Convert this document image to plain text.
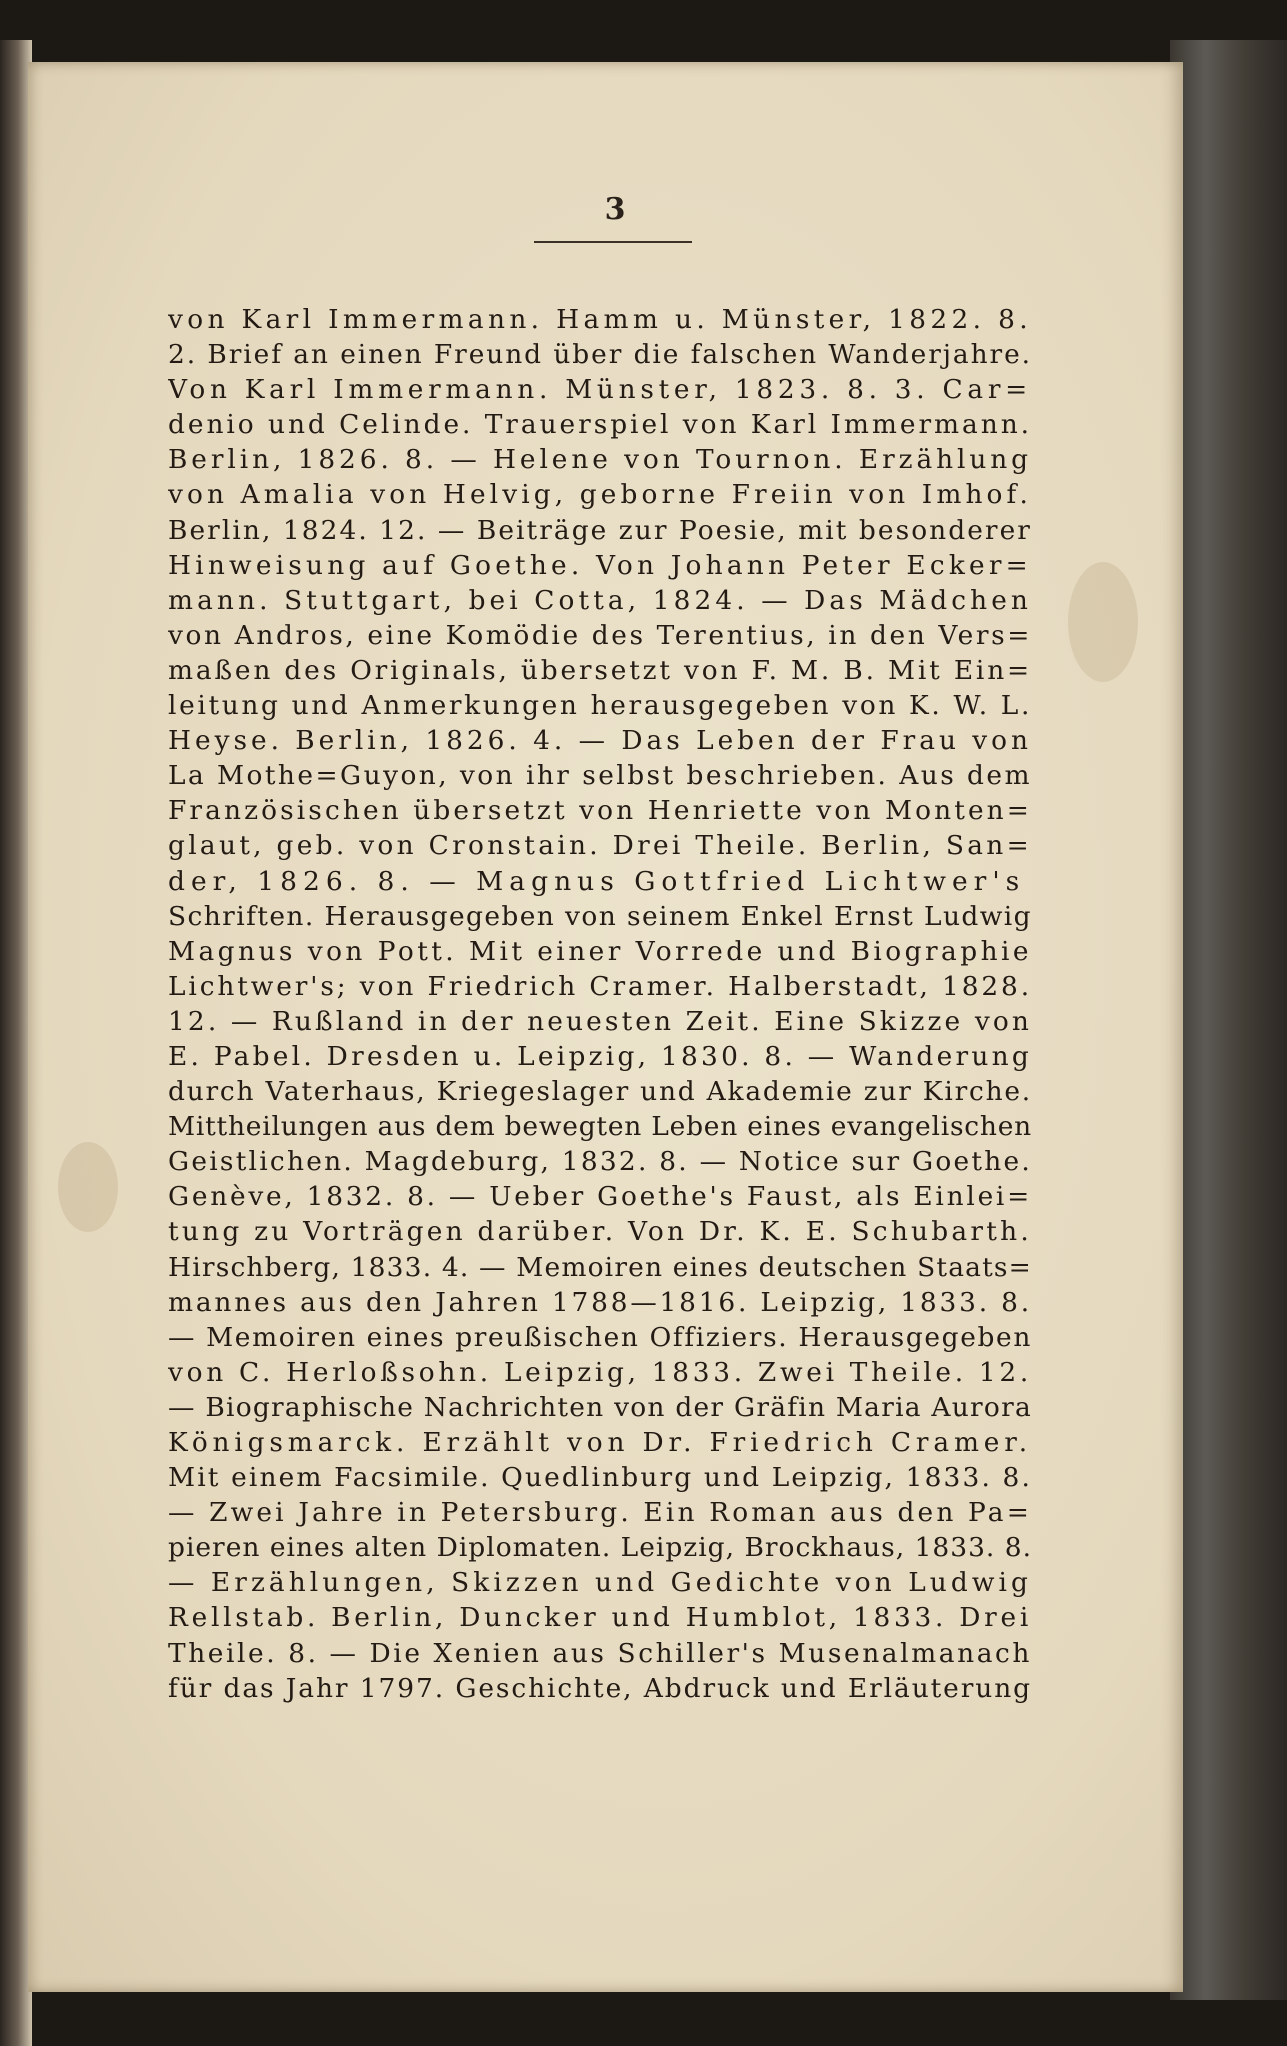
3
von Karl Immermann. Hamm u. Münster, 1822. 8.
2. Brief an einen Freund über die falschen Wanderjahre.
Von Karl Immermann. Münster, 1823. 8. 3. Car=
denio und Celinde. Trauerspiel von Karl Immermann.
Berlin, 1826. 8. — Helene von Tournon. Erzählung
von Amalia von Helvig, geborne Freiin von Imhof.
Berlin, 1824. 12. — Beiträge zur Poesie, mit besonderer
Hinweisung auf Goethe. Von Johann Peter Ecker=
mann. Stuttgart, bei Cotta, 1824. — Das Mädchen
von Andros, eine Komödie des Terentius, in den Vers=
maßen des Originals, übersetzt von F. M. B. Mit Ein=
leitung und Anmerkungen herausgegeben von K. W. L.
Heyse. Berlin, 1826. 4. — Das Leben der Frau von
La Mothe=Guyon, von ihr selbst beschrieben. Aus dem
Französischen übersetzt von Henriette von Monten=
glaut, geb. von Cronstain. Drei Theile. Berlin, San=
der, 1826. 8. — Magnus Gottfried Lichtwer's
Schriften. Herausgegeben von seinem Enkel Ernst Ludwig
Magnus von Pott. Mit einer Vorrede und Biographie
Lichtwer's; von Friedrich Cramer. Halberstadt, 1828.
12. — Rußland in der neuesten Zeit. Eine Skizze von
E. Pabel. Dresden u. Leipzig, 1830. 8. — Wanderung
durch Vaterhaus, Kriegeslager und Akademie zur Kirche.
Mittheilungen aus dem bewegten Leben eines evangelischen
Geistlichen. Magdeburg, 1832. 8. — Notice sur Goethe.
Genève, 1832. 8. — Ueber Goethe's Faust, als Einlei=
tung zu Vorträgen darüber. Von Dr. K. E. Schubarth.
Hirschberg, 1833. 4. — Memoiren eines deutschen Staats=
mannes aus den Jahren 1788—1816. Leipzig, 1833. 8.
— Memoiren eines preußischen Offiziers. Herausgegeben
von C. Herloßsohn. Leipzig, 1833. Zwei Theile. 12.
— Biographische Nachrichten von der Gräfin Maria Aurora
Königsmarck. Erzählt von Dr. Friedrich Cramer.
Mit einem Facsimile. Quedlinburg und Leipzig, 1833. 8.
— Zwei Jahre in Petersburg. Ein Roman aus den Pa=
pieren eines alten Diplomaten. Leipzig, Brockhaus, 1833. 8.
— Erzählungen, Skizzen und Gedichte von Ludwig
Rellstab. Berlin, Duncker und Humblot, 1833. Drei
Theile. 8. — Die Xenien aus Schiller's Musenalmanach
für das Jahr 1797. Geschichte, Abdruck und Erläuterung
